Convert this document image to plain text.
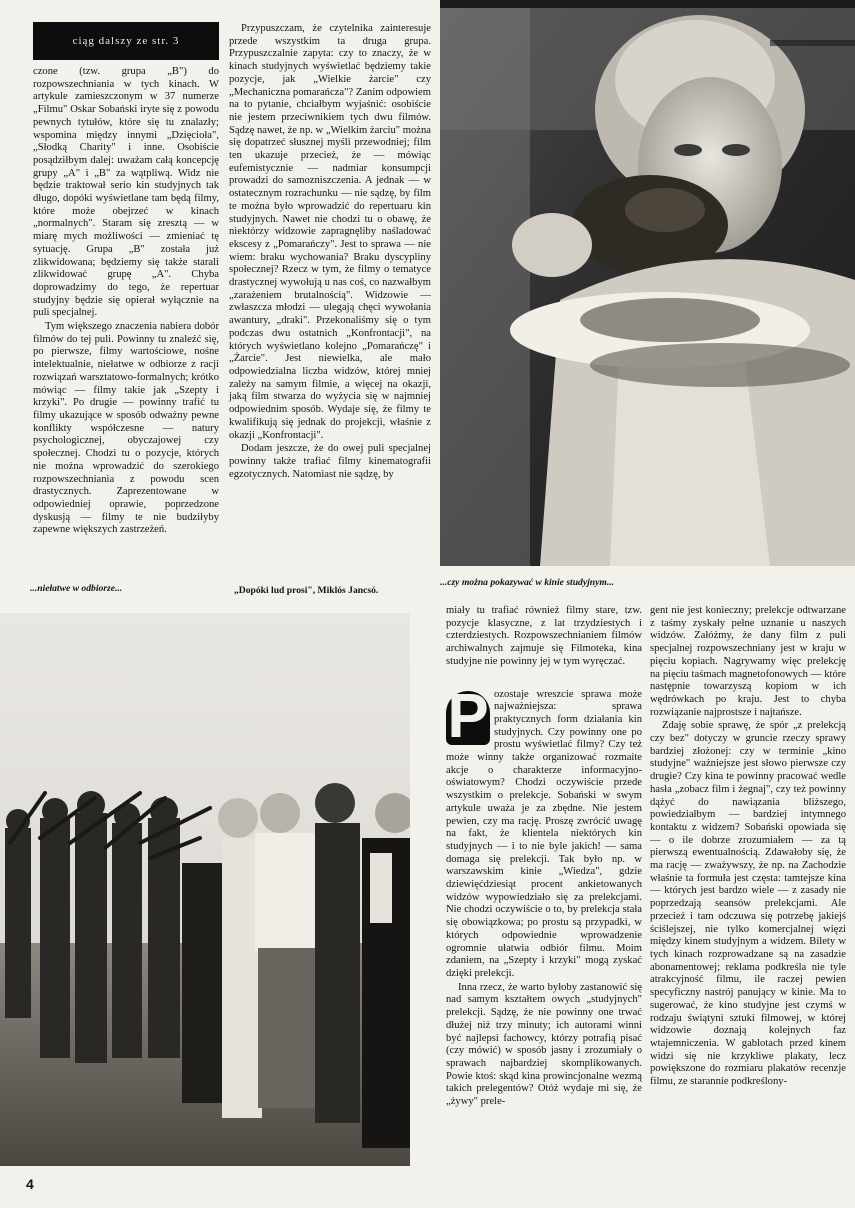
ciąg dalszy ze str. 3

czone (tzw. grupa „B") do rozpowszechniania w tych kinach. W artykule zamieszczonym w 37 numerze „Filmu" Oskar Sobański iryte się z powodu pewnych tytułów, które się tu znalazły; wspomina między innymi „Dzięcioła", „Słodką Charity" i inne. Osobiście posądziłbym dalej: uważam całą koncepcję grupy „A" i „B" za wątpliwą. Widz nie będzie traktował serio kin studyjnych tak długo, dopóki wyświetlane tam będą filmy, które może obejrzeć w kinach „normalnych". Staram się zresztą — w miarę mych możliwości — zmieniać tę sytuację. Grupa „B" została już zlikwidowana; będziemy się także starali zlikwidować grupę „A". Chyba doprowadzimy do tego, że repertuar studyjny będzie się opierał wyłącznie na puli specjalnej.

Tym większego znaczenia nabiera dobór filmów do tej puli. Powinny tu znaleźć się, po pierwsze, filmy wartościowe, nośne intelektualnie, niełatwe w odbiorze z racji rozwiązań warsztatowo-formalnych; krótko mówiąc — filmy takie jak „Szepty i krzyki". Po drugie — powinny trafić tu filmy ukazujące w sposób odważny pewne konflikty współczesne — natury psychologicznej, obyczajowej czy społecznej. Chodzi tu o pozycje, których nie można wprowadzić do szerokiego rozpowszechniania z powodu scen drastycznych. Zaprezentowane w odpowiedniej oprawie, poprzedzone dyskusją — filmy te nie budziłyby zapewne większych zastrzeżeń.

Przypuszczam, że czytelnika zainteresuje przede wszystkim ta druga grupa. Przypuszczalnie zapyta: czy to znaczy, że w kinach studyjnych wyświetlać będziemy takie pozycje, jak „Wielkie żarcie" czy „Mechaniczna pomarańcza"? Zanim odpowiem na to pytanie, chciałbym wyjaśnić: osobiście nie jestem przeciwnikiem tych dwu filmów. Sądzę nawet, że np. w „Wielkim żarciu" można się dopatrzeć słusznej myśli przewodniej; film ten ukazuje przecież, że — mówiąc eufemistycznie — nadmiar konsumpcji prowadzi do samozniszczenia. A jednak — w ostatecznym rozrachunku — nie sądzę, by film te można było wprowadzić do repertuaru kin studyjnych. Nawet nie chodzi tu o obawę, że niektórzy widzowie zapragnęliby naśladować ekscesy z „Pomarańczy". Jest to sprawa — nie wiem: braku wychowania? Braku dyscypliny społecznej? Rzecz w tym, że filmy o tematyce drastycznej wywołują u nas coś, co nazwałbym „zarażeniem brutalnością". Widzowie — zwłaszcza młodzi — ulegają chęci wywołania awantury, „draki". Przekonaliśmy się o tym podczas dwu ostatnich „Konfrontacji", na których wyświetlano kolejno „Pomarańczę" i „Żarcie". Jest niewielka, ale mało odpowiedzialna liczba widzów, której mniej zależy na samym filmie, a więcej na okazji, jaką film stwarza do wyżycia się w najmniej odpowiednim sposób. Wydaje się, że filmy te kwalifikują się jednak do projekcji, właśnie z okazji „Konfrontacji".

Dodam jeszcze, że do owej puli specjalnej powinny także trafiać filmy kinematografii egzotycznych. Natomiast nie sądzę, by

...niełatwe w odbiorze...	„Dopóki lud prosi", Miklós Jancsó.
...czy można pokazywać w kinie studyjnym...

miały tu trafiać również filmy stare, tzw. pozycje klasyczne, z lat trzydziestych i czterdziestych. Rozpowszechnianiem filmów archiwalnych zajmuje się Filmoteka, kina studyjne nie powinny jej w tym wyręczać.

P ozostaje wreszcie sprawa może najważniejsza: sprawa praktycznych form działania kin studyjnych. Czy powinny one po prostu wyświetlać filmy? Czy też może winny także organizować rozmaite akcje o charakterze informacyjno-oświatowym? Chodzi oczywiście przede wszystkim o prelekcje. Sobański w swym artykule uważa je za zbędne. Nie jestem pewien, czy ma rację. Proszę zwrócić uwagę na fakt, że klientela niektórych kin studyjnych — i to nie byle jakich! — sama domaga się prelekcji. Tak było np. w warszawskim kinie „Wiedza", gdzie dziewięćdziesiąt procent ankietowanych widzów wypowiedziało się za prelekcjami. Nie chodzi oczywiście o to, by prelekcja stała się obowiązkowa; po prostu są przypadki, w których odpowiednie wprowadzenie ogromnie ułatwia odbiór filmu. Moim zdaniem, na „Szepty i krzyki" mogą zyskać dzięki prelekcji.

Inna rzecz, że warto byłoby zastanowić się nad samym kształtem owych „studyjnych" prelekcji. Sądzę, że nie powinny one trwać dłużej niż trzy minuty; ich autorami winni być najlepsi fachowcy, którzy potrafią pisać (czy mówić) w sposób jasny i zrozumiały o sprawach najbardziej skomplikowanych. Powie ktoś: skąd kina prowincjonalne wezmą takich prelegentów? Otóż wydaje mi się, że „żywy" prele-

gent nie jest konieczny; prelekcje odtwarzane z taśmy zyskały pełne uznanie u naszych widzów. Załóżmy, że dany film z puli specjalnej rozpowszechniany jest w kraju w pięciu kopiach. Nagrywamy więc prelekcję na pięciu taśmach magnetofonowych — które następnie towarzyszą kopiom w ich wędrówkach po kraju. Jest to chyba rozwiązanie najprostsze i najtańsze.

Zdaję sobie sprawę, że spór „z prelekcją czy bez" dotyczy w gruncie rzeczy sprawy bardziej złożonej: czy w terminie „kino studyjne" ważniejsze jest słowo pierwsze czy drugie? Czy kina te powinny pracować wedle hasła „zobacz film i żegnaj", czy też powinny dążyć do nawiązania bliższego, powiedziałbym — bardziej intymnego kontaktu z widzem? Sobański opowiada się — o ile dobrze zrozumiałem — za tą pierwszą ewentualnością. Zdawałoby się, że ma rację — zważywszy, że np. na Zachodzie właśnie ta formuła jest częsta: tamtejsze kina — których jest bardzo wiele — z zasady nie poprzedzają seansów prelekcjami. Ale przecież i tam odczuwa się potrzebę jakiejś ściślejszej, nie tylko komercjalnej więzi między kinem studyjnym a widzem. Bilety w tych kinach rozprowadzane są na zasadzie abonamentowej; reklama podkreśla nie tyle atrakcyjność filmu, ile raczej pewien specyficzny nastrój panujący w kinie. Ma to sugerować, że kino studyjne jest czymś w rodzaju świątyni sztuki filmowej, w której widzowie doznają kolejnych faz wtajemniczenia. W gablotach przed kinem widzi się nie krzykliwe plakaty, lecz powiększone do rozmiaru plakatów recenzje filmu, ze starannie podkreślony-

4
